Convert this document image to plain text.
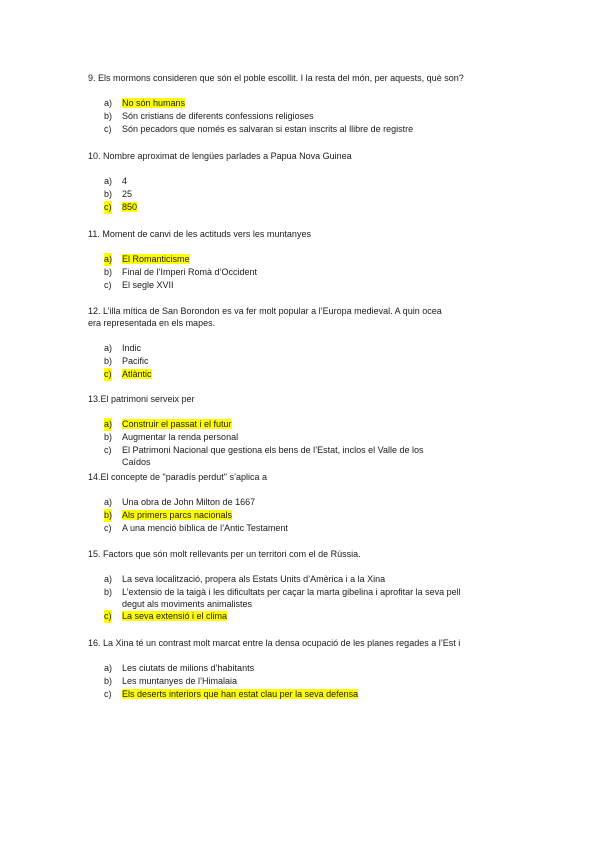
9. Els mormons consideren que són el poble escollit. I la resta del món, per aquests, què son?

a) No són humans
b) Són cristians de diferents confessions religioses
c) Són pecadors que només es salvaran si estan inscrits al llibre de registre

10. Nombre aproximat de lengües parlades a Papua Nova Guinea

a) 4
b) 25
c) 850

11. Moment de canvi de les actituds vers les muntanyes

a) El Romanticisme
b) Final de l’Imperi Romà d’Occident
c) El segle XVII

12. L’illa mítica de San Borondon es va fer molt popular a l’Europa medieval. A quin ocea era representada en els mapes.

a) Indic
b) Pacific
c) Atlàntic

13.El patrimoni serveix per

a) Construir el passat i el futur
b) Augmentar la renda personal
c) El Patrimoni Nacional que gestiona els bens de l’Estat, inclos el Valle de los Caídos

14.El concepte de "paradís perdut" s’aplica a

a) Una obra de John Milton de 1667
b) Als primers parcs nacionals
c) A una menció bíblica de l’Antic Testament

15. Factors que són molt rellevants per un territori com el de Rússia.

a) La seva localització, propera als Estats Units d’Amèrica i a la Xina
b) L’extensio de la taigà i les dificultats per caçar la marta gibelina i aprofitar la seva pell degut als moviments animalistes
c) La seva extensió i el clima

16. La Xina té un contrast molt marcat entre la densa ocupació de les planes regades a l’Est i

a) Les ciutats de milions d’habitants
b) Les muntanyes de l’Himalaia
c) Els deserts interiors que han estat clau per la seva defensa
